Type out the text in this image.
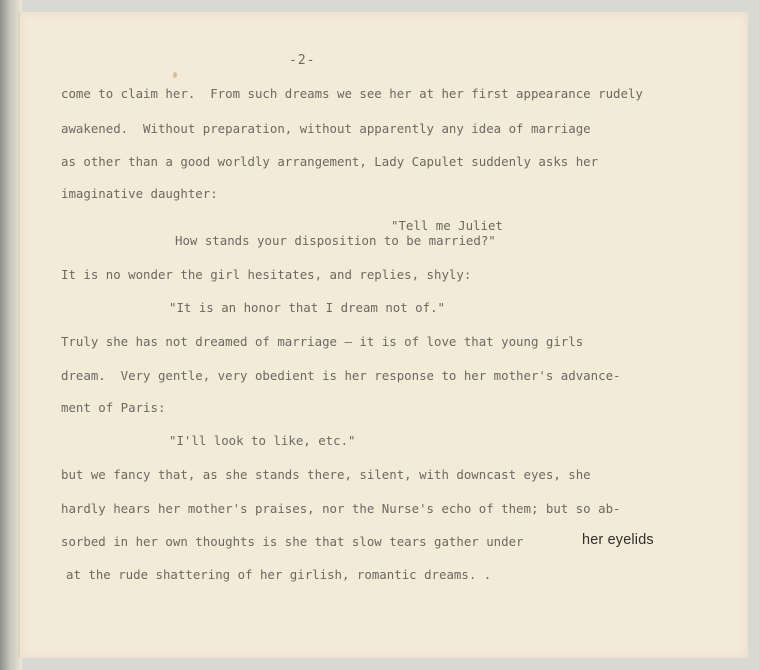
-2-
come to claim her.  From such dreams we see her at her first appearance rudely
awakened.  Without preparation, without apparently any idea of marriage
as other than a good worldly arrangement, Lady Capulet suddenly asks her
imaginative daughter:
"Tell me Juliet
How stands your disposition to be married?"
It is no wonder the girl hesitates, and replies, shyly:
"It is an honor that I dream not of."
Truly she has not dreamed of marriage — it is of love that young girls
dream.  Very gentle, very obedient is her response to her mother's advance-
ment of Paris:
"I'll look to like, etc."
but we fancy that, as she stands there, silent, with downcast eyes, she
hardly hears her mother's praises, nor the Nurse's echo of them; but so ab-
sorbed in her own thoughts is she that slow tears gather under	her eyelids
at the rude shattering of her girlish, romantic dreams. .
